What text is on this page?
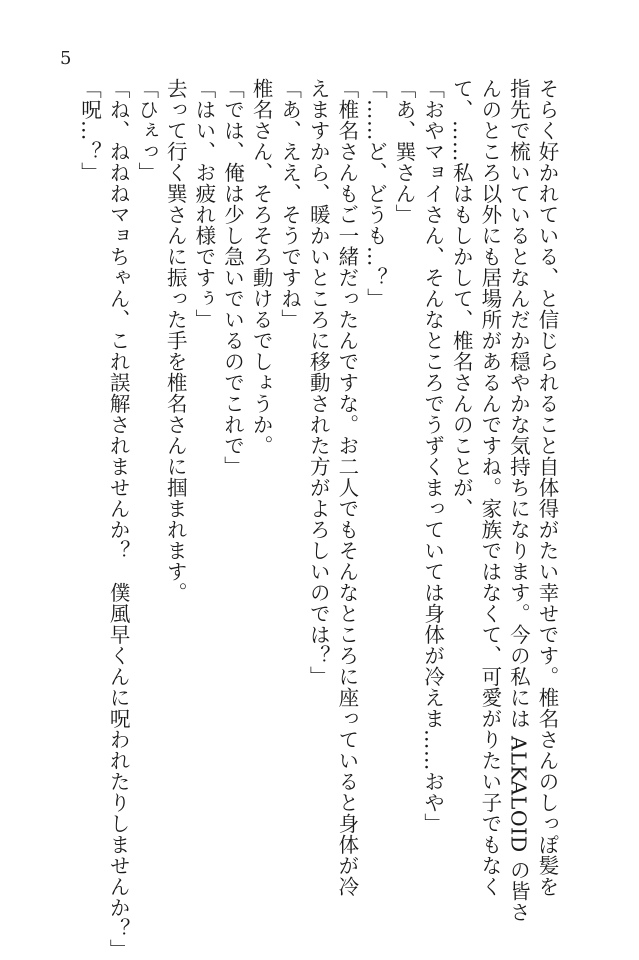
5
そらく好かれている、と信じられること自体得がたい幸せです。椎名さんのしっぽ髪を
指先で梳いているとなんだか穏やかな気持ちになります。今の私には ALKALOID の皆さ
んのところ以外にも居場所があるんですね。家族ではなくて、可愛がりたい子でもなく
て、……私はもしかして、椎名さんのことが、
「おやマョイさん、そんなところでうずくまっていては身体が冷えま……おや」
「あ、巽さん」
「……ど、どうも…？」
「椎名さんもご一緒だったんですな。お二人でもそんなところに座っていると身体が冷
えますから、暖かいところに移動された方がよろしいのでは？」
「あ、ええ、そうですね」
椎名さん、そろそろ動けるでしょうか。
「では、俺は少し急いでいるのでこれで」
「はい、お疲れ様ですぅ」
去って行く巽さんに振った手を椎名さんに掴まれます。
「ひぇっ」
「ね、ねねねマョちゃん、これ誤解されませんか？　僕風早くんに呪われたりしませんか？」
「呪…？」
